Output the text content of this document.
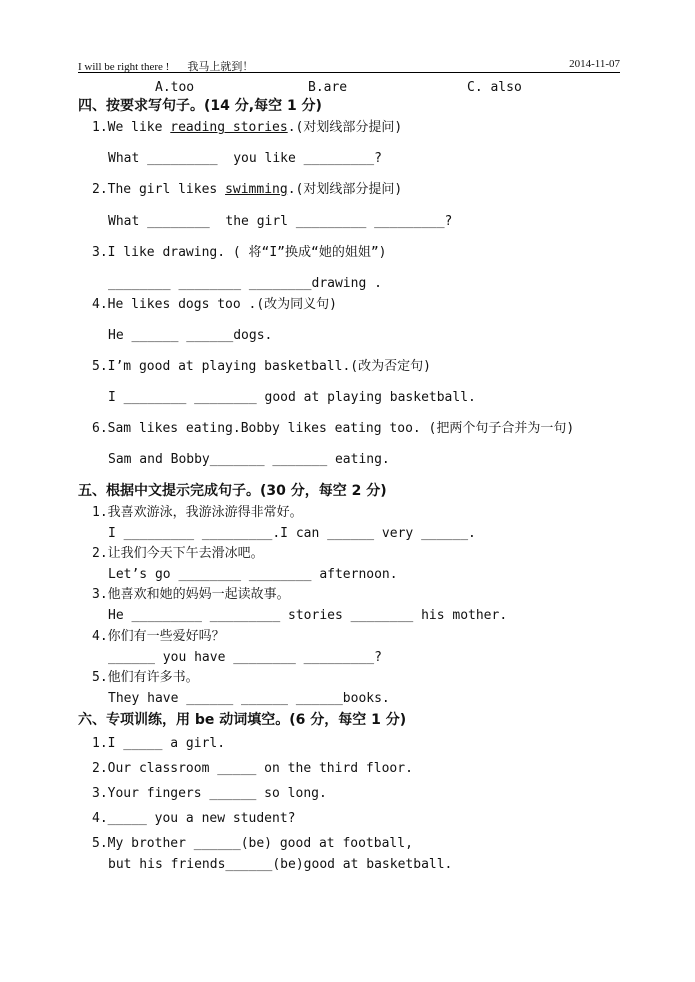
I will be right there ! 我马上就到！	2014-11-07
A.too	B.are	C. also
四、按要求写句子。(14 分,每空 1 分)
1.We like reading stories.(对划线部分提问)
What _________  you like _________?
2.The girl likes swimming.(对划线部分提问)
What ________  the girl _________ _________?
3.I like drawing. ( 将“I”换成“她的姐姐”)
________ ________ ________drawing .
4.He likes dogs too .(改为同义句)
He ______ ______dogs.
5.I’m good at playing basketball.(改为否定句)
I ________ ________ good at playing basketball.
6.Sam likes eating.Bobby likes eating too. (把两个句子合并为一句)
Sam and Bobby_______ _______ eating.
五、根据中文提示完成句子。(30 分，每空 2 分)
1.我喜欢游泳，我游泳游得非常好。
I _________ _________.I can ______ very ______.
2.让我们今天下午去滑冰吧。
Let’s go ________ ________ afternoon.
3.他喜欢和她的妈妈一起读故事。
He _________ _________ stories ________ his mother.
4.你们有一些爱好吗？
______ you have ________ _________?
5.他们有许多书。
They have ______ ______ ______books.
六、专项训练，用 be 动词填空。(6 分，每空 1 分)
1.I _____ a girl.
2.Our classroom _____ on the third floor.
3.Your fingers ______ so long.
4._____ you a new student?
5.My brother ______(be) good at football,
but his friends______(be)good at basketball.
